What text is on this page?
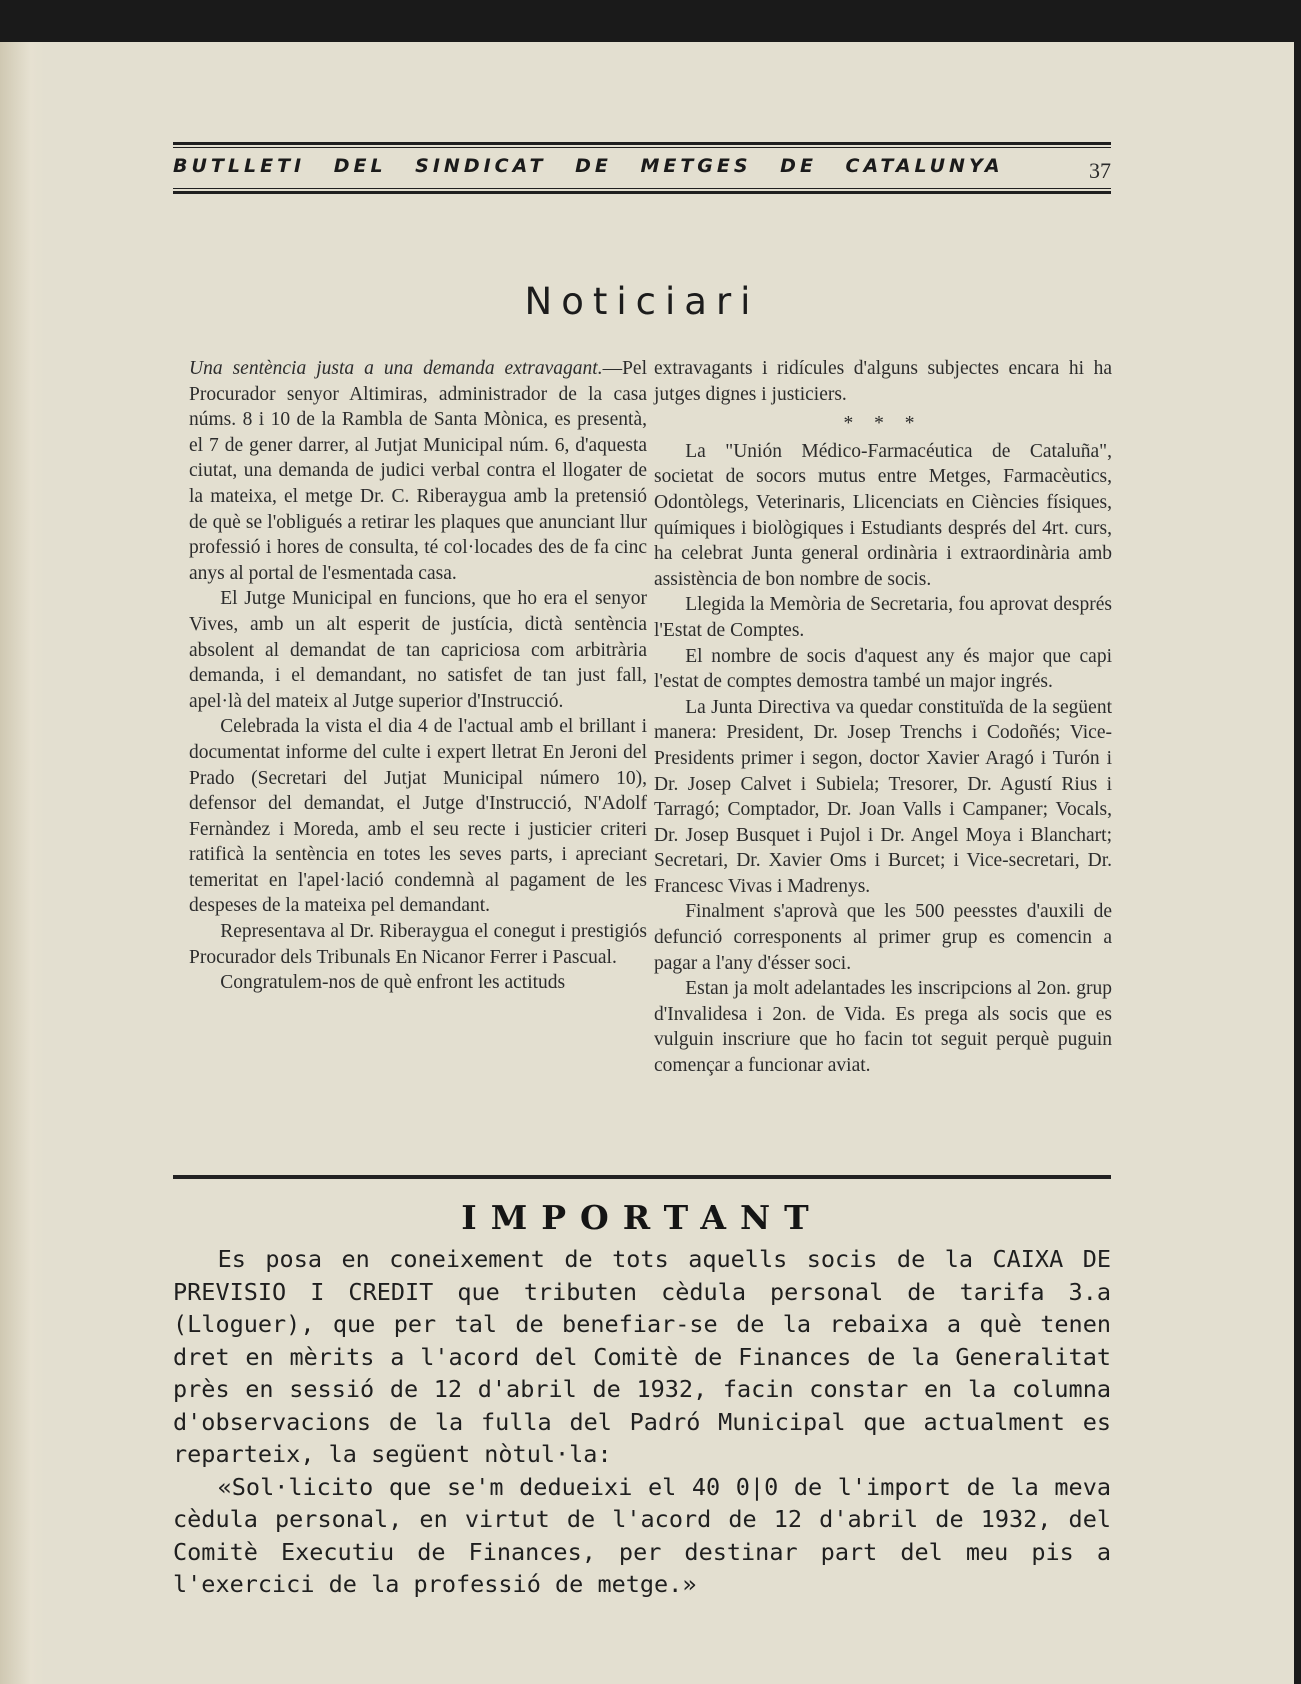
BUTLLETI DEL SINDICAT DE METGES DE CATALUNYA	37
Noticiari

Una sentència justa a una demanda extravagant.—Pel Procurador senyor Altimiras, administrador de la casa núms. 8 i 10 de la Rambla de Santa Mònica, es presentà, el 7 de gener darrer, al Jutjat Municipal núm. 6, d'aquesta ciutat, una demanda de judici verbal contra el llogater de la mateixa, el metge Dr. C. Riberaygua amb la pretensió de què se l'obligués a retirar les plaques que anunciant llur professió i hores de consulta, té col·locades des de fa cinc anys al portal de l'esmentada casa.

El Jutge Municipal en funcions, que ho era el senyor Vives, amb un alt esperit de justícia, dictà sentència absolent al demandat de tan capriciosa com arbitrària demanda, i el demandant, no satisfet de tan just fall, apel·là del mateix al Jutge superior d'Instrucció.

Celebrada la vista el dia 4 de l'actual amb el brillant i documentat informe del culte i expert lletrat En Jeroni del Prado (Secretari del Jutjat Municipal número 10), defensor del demandat, el Jutge d'Instrucció, N'Adolf Fernàndez i Moreda, amb el seu recte i justicier criteri ratificà la sentència en totes les seves parts, i apreciant temeritat en l'apel·lació condemnà al pagament de les despeses de la mateixa pel demandant.

Representava al Dr. Riberaygua el conegut i prestigiós Procurador dels Tribunals En Nicanor Ferrer i Pascual.

Congratulem-nos de què enfront les actituds

extravagants i ridícules d'alguns subjectes encara hi ha jutges dignes i justiciers.

* * *

La "Unión Médico-Farmacéutica de Cataluña", societat de socors mutus entre Metges, Farmacèutics, Odontòlegs, Veterinaris, Llicenciats en Ciències físiques, químiques i biològiques i Estudiants després del 4rt. curs, ha celebrat Junta general ordinària i extraordinària amb assistència de bon nombre de socis.

Llegida la Memòria de Secretaria, fou aprovat després l'Estat de Comptes.

El nombre de socis d'aquest any és major que capi l'estat de comptes demostra també un major ingrés.

La Junta Directiva va quedar constituïda de la següent manera: President, Dr. Josep Trenchs i Codoñés; Vice-Presidents primer i segon, doctor Xavier Aragó i Turón i Dr. Josep Calvet i Subiela; Tresorer, Dr. Agustí Rius i Tarragó; Comptador, Dr. Joan Valls i Campaner; Vocals, Dr. Josep Busquet i Pujol i Dr. Angel Moya i Blanchart; Secretari, Dr. Xavier Oms i Burcet; i Vice-secretari, Dr. Francesc Vivas i Madrenys.

Finalment s'aprovà que les 500 peesstes d'auxili de defunció corresponents al primer grup es comencin a pagar a l'any d'ésser soci.

Estan ja molt adelantades les inscripcions al 2on. grup d'Invalidesa i 2on. de Vida. Es prega als socis que es vulguin inscriure que ho facin tot seguit perquè puguin començar a funcionar aviat.

IMPORTANT

Es posa en coneixement de tots aquells socis de la CAIXA DE PREVISIO I CREDIT que tributen cèdula personal de tarifa 3.a (Lloguer), que per tal de benefiar-se de la rebaixa a què tenen dret en mèrits a l'acord del Comitè de Finances de la Generalitat près en sessió de 12 d'abril de 1932, facin constar en la columna d'observacions de la fulla del Padró Municipal que actualment es reparteix, la següent nòtul·la:

«Sol·licito que se'm dedueixi el 40 0|0 de l'import de la meva cèdula personal, en virtut de l'acord de 12 d'abril de 1932, del Comitè Executiu de Finances, per destinar part del meu pis a l'exercici de la professió de metge.»
